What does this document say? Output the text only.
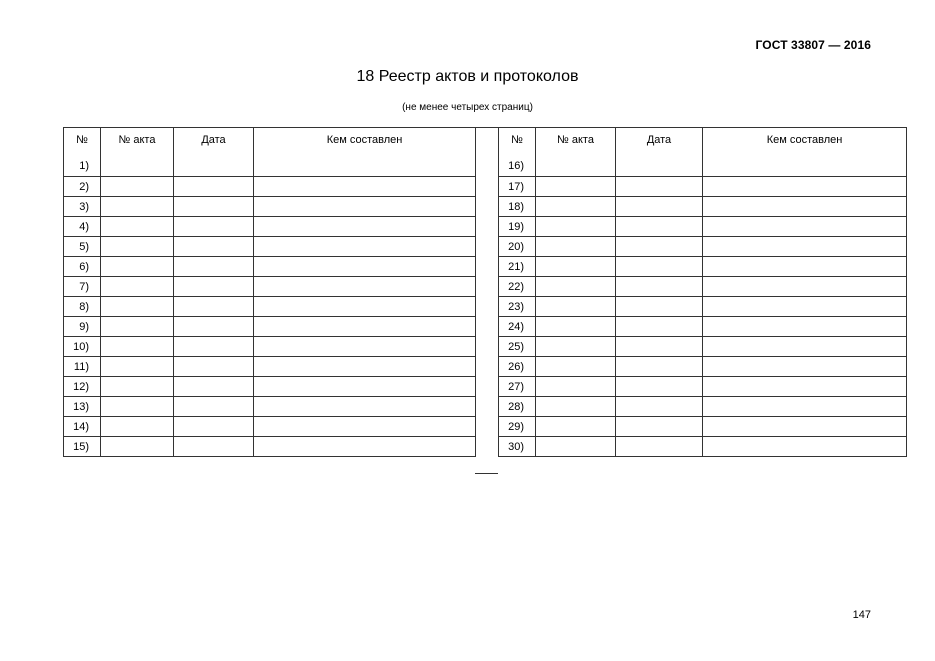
ГОСТ 33807 — 2016
18 Реестр актов и протоколов
(не менее четырех страниц)
№	№ акта	Дата	Кем составлен
1)			
2)			
3)			
4)			
5)			
6)			
7)			
8)			
9)			
10)			
11)			
12)			
13)			
14)			
15)			
№	№ акта	Дата	Кем составлен
16)			
17)			
18)			
19)			
20)			
21)			
22)			
23)			
24)			
25)			
26)			
27)			
28)			
29)			
30)			
147
